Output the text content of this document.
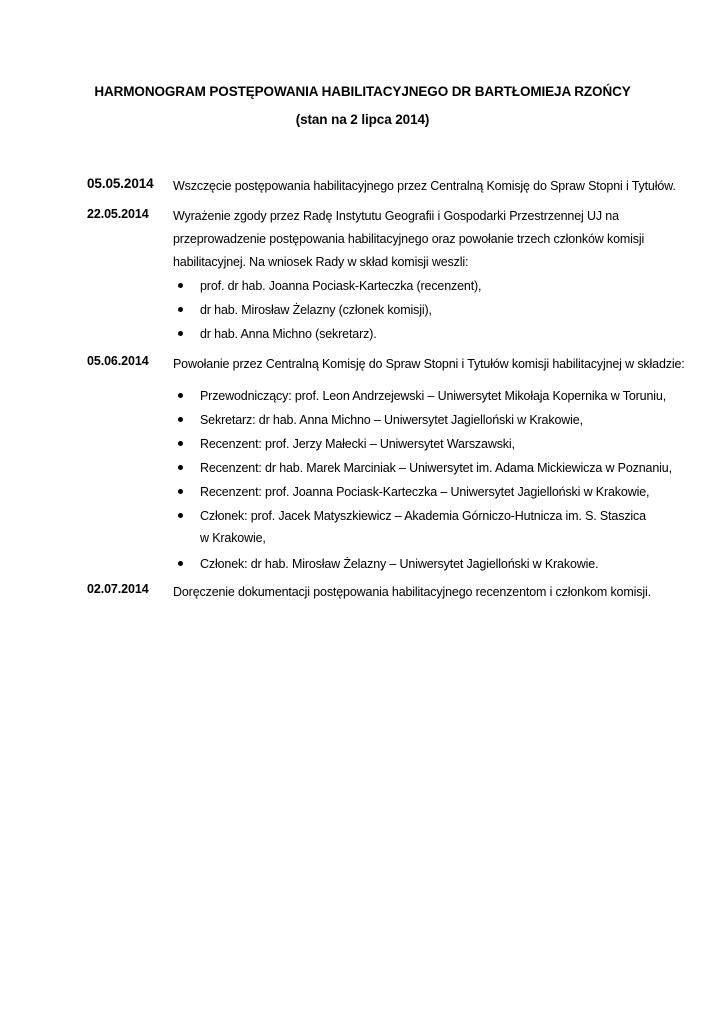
HARMONOGRAM POSTĘPOWANIA HABILITACYJNEGO DR BARTŁOMIEJA RZOŃCY
(stan na 2 lipca 2014)
05.05.2014 Wszczęcie postępowania habilitacyjnego przez Centralną Komisję do Spraw Stopni i Tytułów.
22.05.2014 Wyrażenie zgody przez Radę Instytutu Geografii i Gospodarki Przestrzennej UJ na

przeprowadzenie postępowania habilitacyjnego oraz powołanie trzech członków komisji

habilitacyjnej. Na wniosek Rady w skład komisji weszli:

prof. dr hab. Joanna Pociask-Karteczka (recenzent),
dr hab. Mirosław Żelazny (członek komisji),
dr hab. Anna Michno (sekretarz).
05.06.2014 Powołanie przez Centralną Komisję do Spraw Stopni i Tytułów komisji habilitacyjnej w składzie:

Przewodniczący: prof. Leon Andrzejewski – Uniwersytet Mikołaja Kopernika w Toruniu,
Sekretarz: dr hab. Anna Michno – Uniwersytet Jagielloński w Krakowie,
Recenzent: prof. Jerzy Małecki – Uniwersytet Warszawski,
Recenzent: dr hab. Marek Marciniak – Uniwersytet im. Adama Mickiewicza w Poznaniu,
Recenzent: prof. Joanna Pociask-Karteczka – Uniwersytet Jagielloński w Krakowie,
Członek: prof. Jacek Matyszkiewicz – Akademia Górniczo-Hutnicza im. S. Staszica
w Krakowie,
Członek: dr hab. Mirosław Żelazny – Uniwersytet Jagielloński w Krakowie.
02.07.2014 Doręczenie dokumentacji postępowania habilitacyjnego recenzentom i członkom komisji.
